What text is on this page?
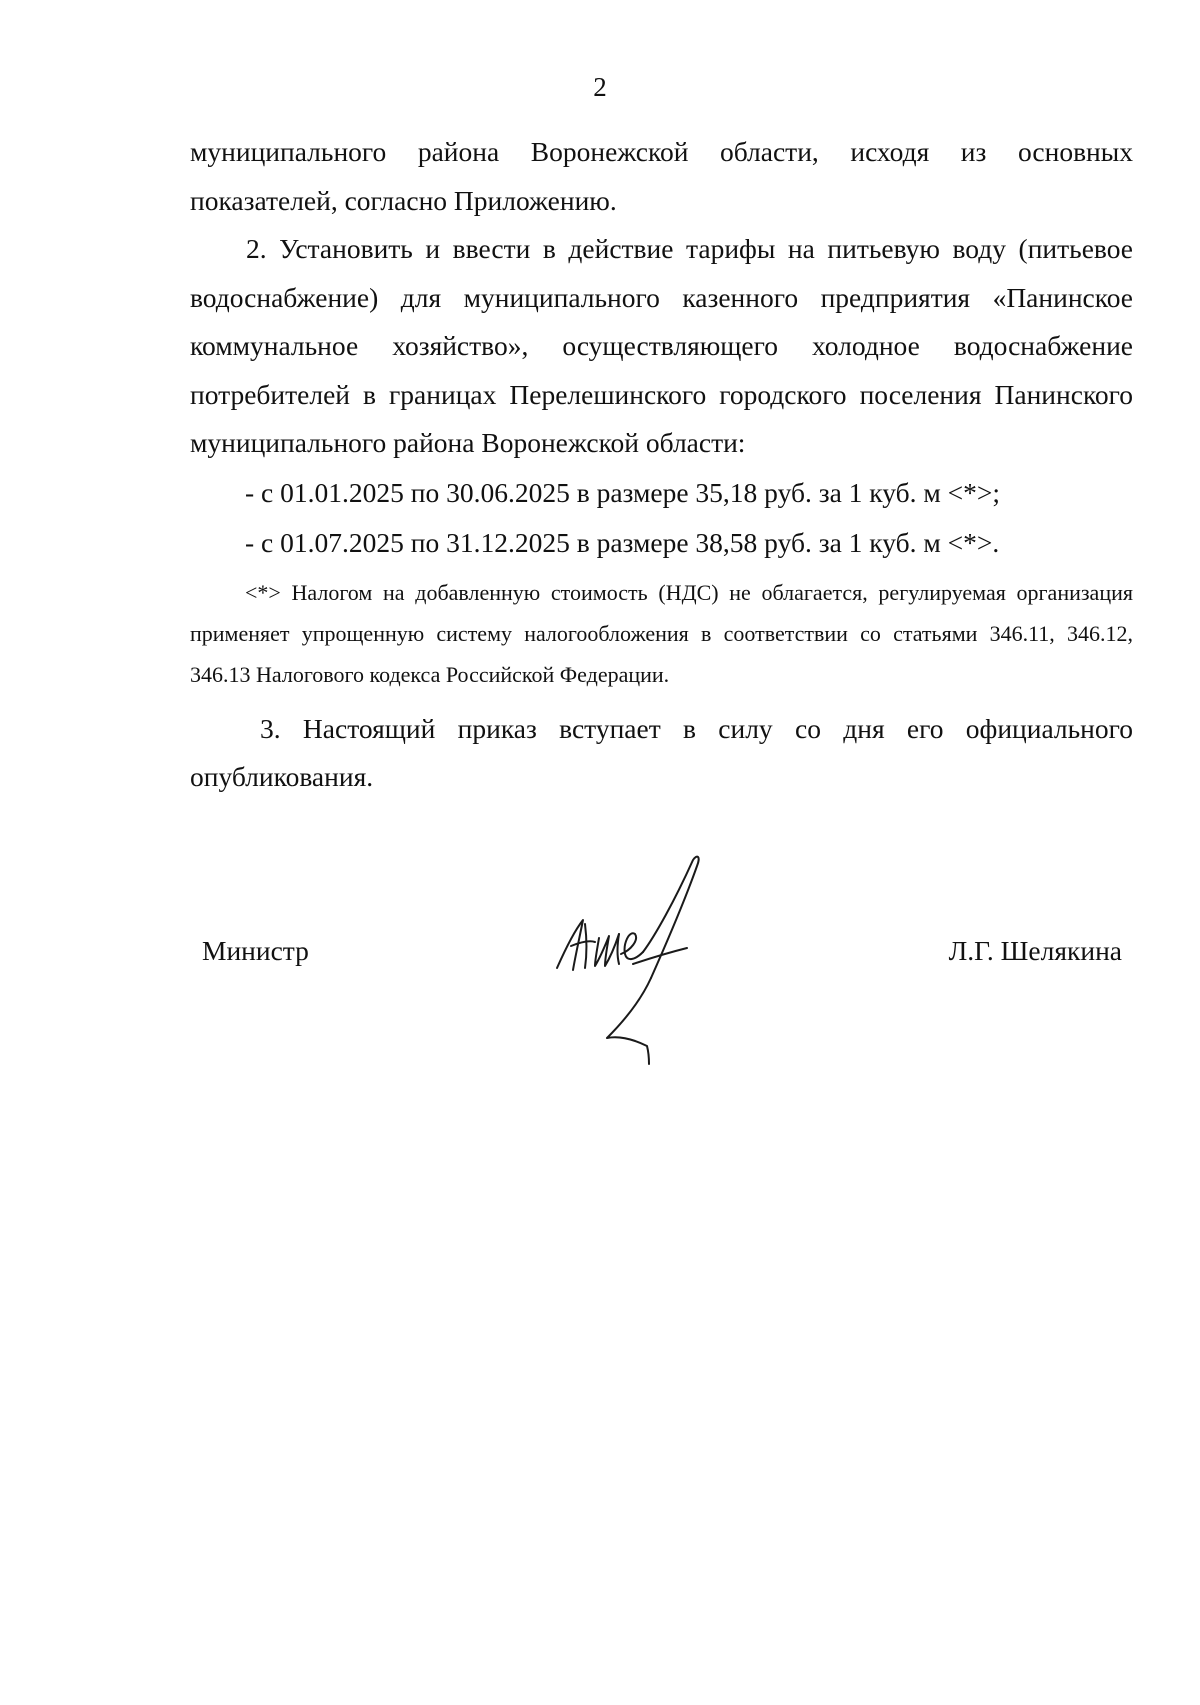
2

муниципального района Воронежской области, исходя из основных показателей, согласно Приложению.

2. Установить и ввести в действие тарифы на питьевую воду (питьевое водоснабжение) для муниципального казенного предприятия «Панинское коммунальное хозяйство», осуществляющего холодное водоснабжение потребителей в границах Перелешинского городского поселения Панинского муниципального района Воронежской области:

- с 01.01.2025 по 30.06.2025 в размере 35,18 руб. за 1 куб. м <*>;

- с 01.07.2025 по 31.12.2025 в размере 38,58 руб. за 1 куб. м <*>.

<*> Налогом на добавленную стоимость (НДС) не облагается, регулируемая организация применяет упрощенную систему налогообложения в соответствии со статьями 346.11, 346.12, 346.13 Налогового кодекса Российской Федерации.

3. Настоящий приказ вступает в силу со дня его официального опубликования.

Министр	Л.Г. Шелякина
